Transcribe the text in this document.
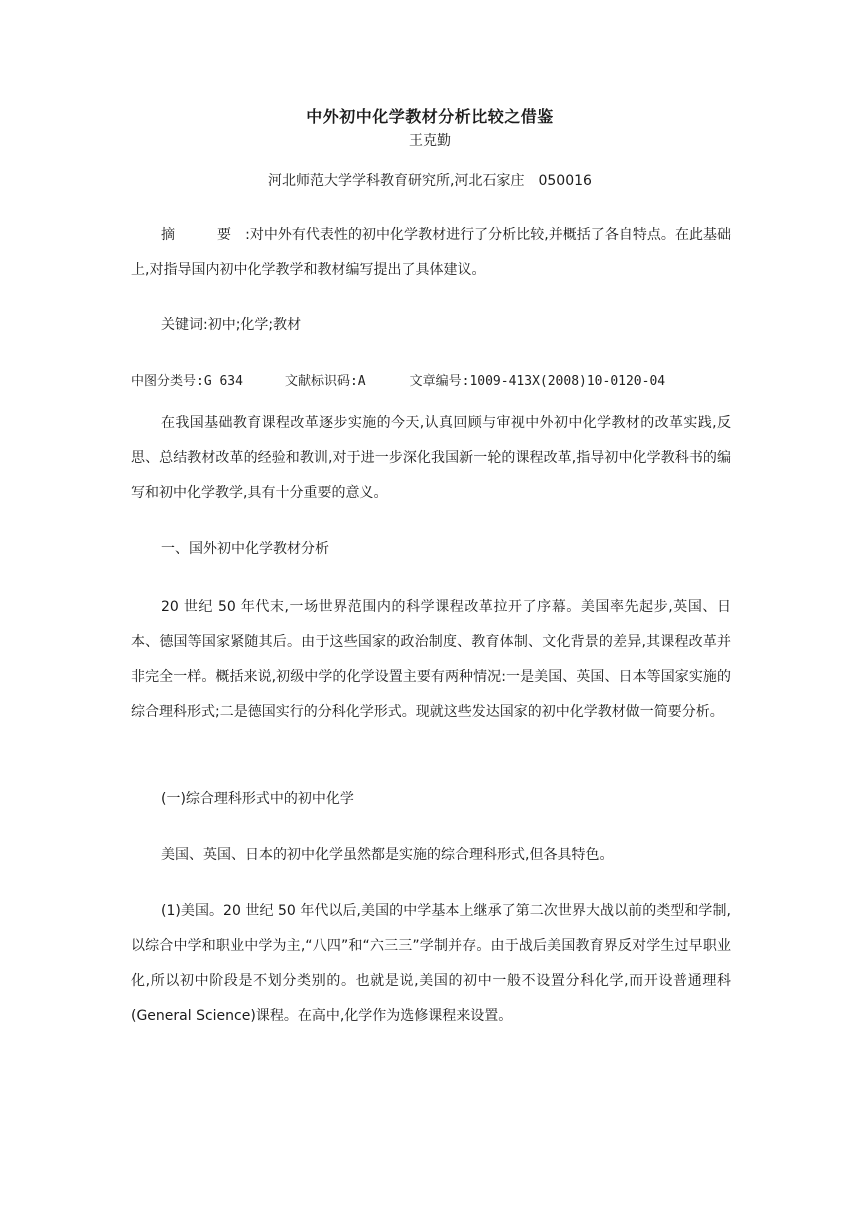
中外初中化学教材分析比较之借鉴
王克勤
河北师范大学学科教育研究所,河北石家庄　050016

摘　要:对中外有代表性的初中化学教材进行了分析比较,并概括了各自特点。在此基础上,对指导国内初中化学教学和教材编写提出了具体建议。

关键词:初中;化学;教材

中图分类号:G 634	文献标识码:A	文章编号:1009-413X(2008)10-0120-04

在我国基础教育课程改革逐步实施的今天,认真回顾与审视中外初中化学教材的改革实践,反思、总结教材改革的经验和教训,对于进一步深化我国新一轮的课程改革,指导初中化学教科书的编写和初中化学教学,具有十分重要的意义。

一、国外初中化学教材分析

20 世纪 50 年代末,一场世界范围内的科学课程改革拉开了序幕。美国率先起步,英国、日本、德国等国家紧随其后。由于这些国家的政治制度、教育体制、文化背景的差异,其课程改革并非完全一样。概括来说,初级中学的化学设置主要有两种情况:一是美国、英国、日本等国家实施的综合理科形式;二是德国实行的分科化学形式。现就这些发达国家的初中化学教材做一简要分析。

(一)综合理科形式中的初中化学

美国、英国、日本的初中化学虽然都是实施的综合理科形式,但各具特色。

(1)美国。20 世纪 50 年代以后,美国的中学基本上继承了第二次世界大战以前的类型和学制,以综合中学和职业中学为主,“八四”和“六三三”学制并存。由于战后美国教育界反对学生过早职业化,所以初中阶段是不划分类别的。也就是说,美国的初中一般不设置分科化学,而开设普通理科(General Science)课程。在高中,化学作为选修课程来设置。
